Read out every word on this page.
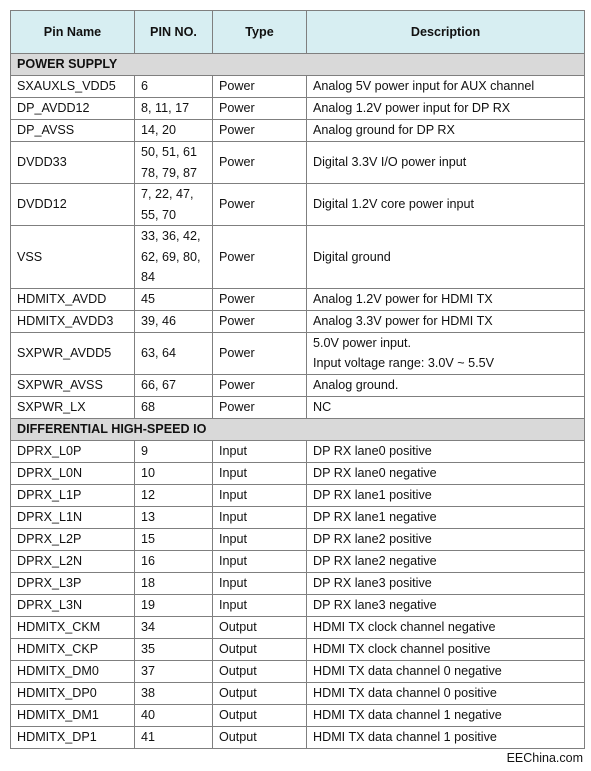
Pin Name	PIN NO.	Type	Description
POWER SUPPLY			
SXAUXLS_VDD5	6	Power	Analog 5V power input for AUX channel

DP_AVDD12	8, 11, 17	Power	Analog 1.2V power input for DP RX

DP_AVSS	14, 20	Power	Analog ground for DP RX

DVDD33	50, 51, 61
78, 79, 87	Power	Digital 3.3V I/O power input

DVDD12	7, 22, 47,
55, 70	Power	Digital 1.2V core power input

VSS	33, 36, 42,
62, 69, 80,
84	Power	Digital ground

HDMITX_AVDD	45	Power	Analog 1.2V power for HDMI TX

HDMITX_AVDD3	39, 46	Power	Analog 3.3V power for HDMI TX

SXPWR_AVDD5	63, 64	Power	5.0V power input.
Input voltage range: 3.0V ~ 5.5V

SXPWR_AVSS	66, 67	Power	Analog ground.

SXPWR_LX	68	Power	NC

DIFFERENTIAL HIGH-SPEED IO			
DPRX_L0P	9	Input	DP RX lane0 positive

DPRX_L0N	10	Input	DP RX lane0 negative

DPRX_L1P	12	Input	DP RX lane1 positive

DPRX_L1N	13	Input	DP RX lane1 negative

DPRX_L2P	15	Input	DP RX lane2 positive

DPRX_L2N	16	Input	DP RX lane2 negative

DPRX_L3P	18	Input	DP RX lane3 positive

DPRX_L3N	19	Input	DP RX lane3 negative

HDMITX_CKM	34	Output	HDMI TX clock channel negative

HDMITX_CKP	35	Output	HDMI TX clock channel positive

HDMITX_DM0	37	Output	HDMI TX data channel 0 negative

HDMITX_DP0	38	Output	HDMI TX data channel 0 positive

HDMITX_DM1	40	Output	HDMI TX data channel 1 negative

HDMITX_DP1	41	Output	HDMI TX data channel 1 positive
EEChina.com
